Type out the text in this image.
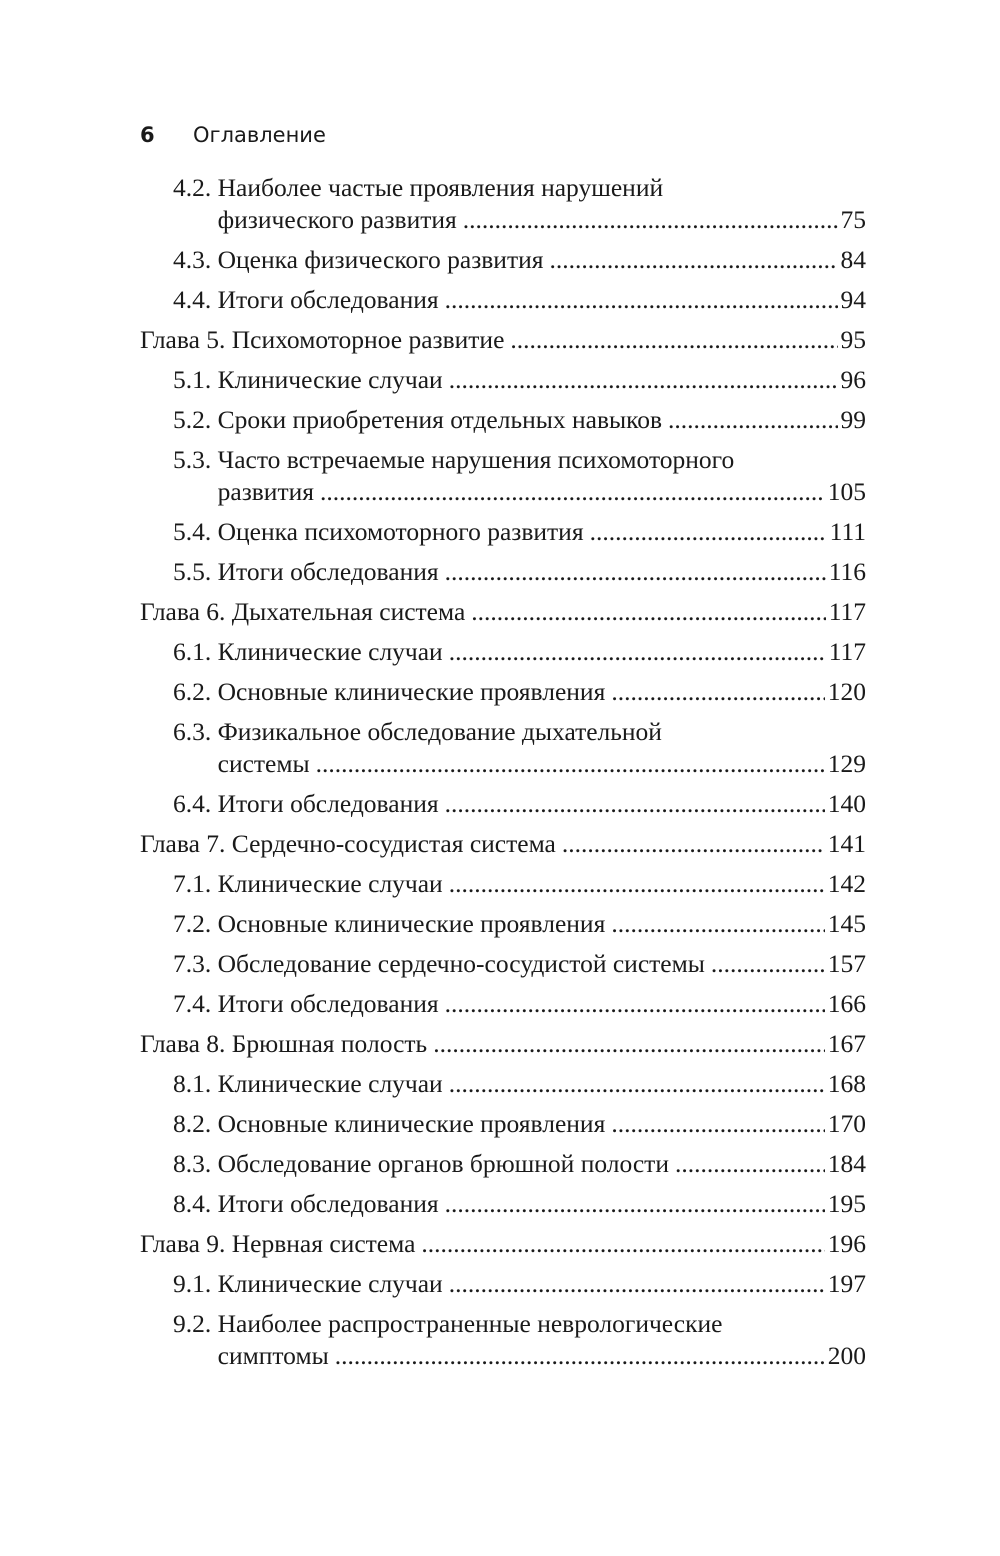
6	Оглавление
4.2. Наиболее частые проявления нарушений
физического развития .....	75
4.3. Оценка физического развития .....	84
4.4. Итоги обследования .....	94
Глава 5. Психомоторное развитие .....	95
5.1. Клинические случаи .....	96
5.2. Сроки приобретения отдельных навыков .....	99
5.3. Часто встречаемые нарушения психомоторного
развития .....	105
5.4. Оценка психомоторного развития .....	111
5.5. Итоги обследования .....	116
Глава 6. Дыхательная система .....	117
6.1. Клинические случаи .....	117
6.2. Основные клинические проявления .....	120
6.3. Физикальное обследование дыхательной
системы .....	129
6.4. Итоги обследования .....	140
Глава 7. Сердечно-сосудистая система .....	141
7.1. Клинические случаи .....	142
7.2. Основные клинические проявления .....	145
7.3. Обследование сердечно-сосудистой системы .....	157
7.4. Итоги обследования .....	166
Глава 8. Брюшная полость .....	167
8.1. Клинические случаи .....	168
8.2. Основные клинические проявления .....	170
8.3. Обследование органов брюшной полости .....	184
8.4. Итоги обследования .....	195
Глава 9. Нервная система .....	196
9.1. Клинические случаи .....	197
9.2. Наиболее распространенные неврологические
симптомы .....	200
